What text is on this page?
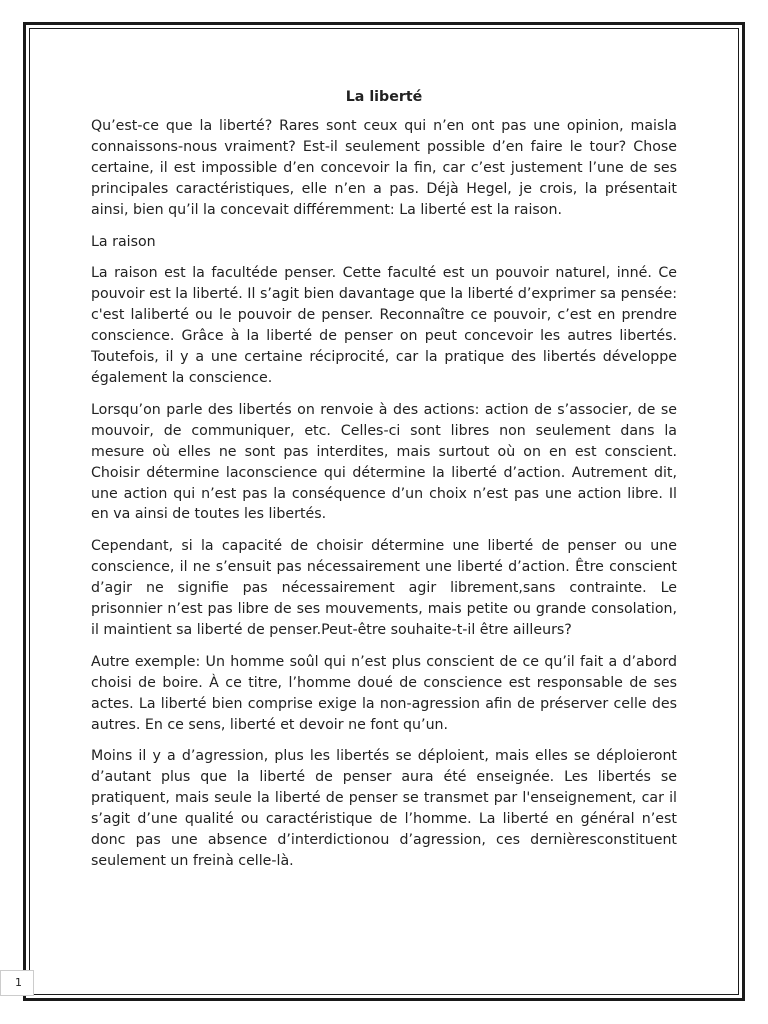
La liberté

Qu’est-ce que la liberté? Rares sont ceux qui n’en ont pas une opinion, maisla connaissons-nous vraiment? Est-il seulement possible d’en faire le tour? Chose certaine, il est impossible d’en concevoir la fin, car c’est justement l’une de ses principales caractéristiques, elle n’en a pas. Déjà Hegel, je crois, la présentait ainsi, bien qu’il la concevait différemment: La liberté est la raison.

La raison

La raison est la facultéde penser. Cette faculté est un pouvoir naturel, inné. Ce pouvoir est la liberté. Il s’agit bien davantage que la liberté d’exprimer sa pensée: c'est laliberté ou le pouvoir de penser. Reconnaître ce pouvoir, c’est en prendre conscience. Grâce à la liberté de penser on peut concevoir les autres libertés. Toutefois, il y a une certaine réciprocité, car la pratique des libertés développe également la conscience.

Lorsqu’on parle des libertés on renvoie à des actions: action de s’associer, de se mouvoir, de communiquer, etc. Celles-ci sont libres non seulement dans la mesure où elles ne sont pas interdites, mais surtout où on en est conscient. Choisir détermine laconscience qui détermine la liberté d’action. Autrement dit, une action qui n’est pas la conséquence d’un choix n’est pas une action libre. Il en va ainsi de toutes les libertés.

Cependant, si la capacité de choisir détermine une liberté de penser ou une conscience, il ne s’ensuit pas nécessairement une liberté d’action. Être conscient d’agir ne signifie pas nécessairement agir librement,sans contrainte. Le prisonnier n’est pas libre de ses mouvements, mais petite ou grande consolation, il maintient sa liberté de penser.Peut-être souhaite-t-il être ailleurs?

Autre exemple: Un homme soûl qui n’est plus conscient de ce qu’il fait a d’abord choisi de boire. À ce titre, l’homme doué de conscience est responsable de ses actes. La liberté bien comprise exige la non-agression afin de préserver celle des autres. En ce sens, liberté et devoir ne font qu’un.

Moins il y a d’agression, plus les libertés se déploient, mais elles se déploieront d’autant plus que la liberté de penser aura été enseignée. Les libertés se pratiquent, mais seule la liberté de penser se transmet par l'enseignement, car il s’agit d’une qualité ou caractéristique de l’homme. La liberté en général n’est donc pas une absence d’interdictionou d’agression, ces dernièresconstituent seulement un freinà celle-là.

1
